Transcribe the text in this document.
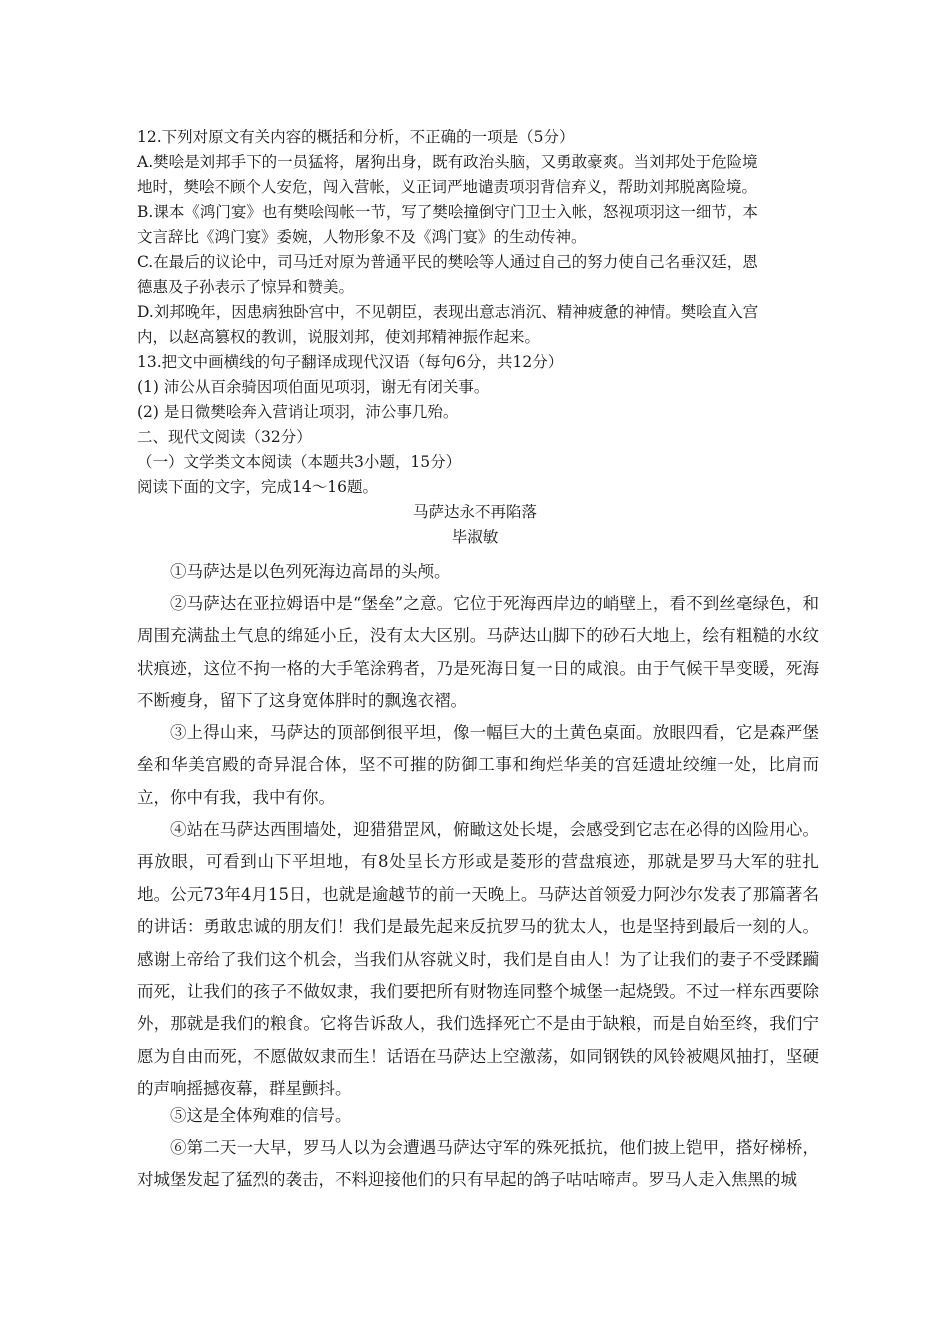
12.下列对原文有关内容的概括和分析，不正确的一项是（5分）
A.樊哙是刘邦手下的一员猛将，屠狗出身，既有政治头脑，又勇敢豪爽。当刘邦处于危险境
地时，樊哙不顾个人安危，闯入营帐，义正词严地谴责项羽背信弃义，帮助刘邦脱离险境。
B.课本《鸿门宴》也有樊哙闯帐一节，写了樊哙撞倒守门卫士入帐，怒视项羽这一细节，本
文言辞比《鸿门宴》委婉，人物形象不及《鸿门宴》的生动传神。
C.在最后的议论中，司马迁对原为普通平民的樊哙等人通过自己的努力使自己名垂汉廷，恩
德惠及子孙表示了惊异和赞美。
D.刘邦晚年，因患病独卧宫中，不见朝臣，表现出意志消沉、精神疲惫的神情。樊哙直入宫
内，以赵高篡权的教训，说服刘邦，使刘邦精神振作起来。
13.把文中画横线的句子翻译成现代汉语（每句6分，共12分）
(1) 沛公从百余骑因项伯面见项羽，谢无有闭关事。
(2) 是日微樊哙奔入营诮让项羽，沛公事几殆。
二、现代文阅读（32分）
（一）文学类文本阅读（本题共3小题，15分）
阅读下面的文字，完成14～16题。
马萨达永不再陷落
毕淑敏

①马萨达是以色列死海边高昂的头颅。

②马萨达在亚拉姆语中是“堡垒”之意。它位于死海西岸边的峭壁上，看不到丝毫绿色，和周围充满盐土气息的绵延小丘，没有太大区别。马萨达山脚下的砂石大地上，绘有粗糙的水纹状痕迹，这位不拘一格的大手笔涂鸦者，乃是死海日复一日的咸浪。由于气候干旱变暖，死海不断瘦身，留下了这身宽体胖时的飘逸衣褶。

③上得山来，马萨达的顶部倒很平坦，像一幅巨大的土黄色桌面。放眼四看，它是森严堡垒和华美宫殿的奇异混合体，坚不可摧的防御工事和绚烂华美的宫廷遗址绞缠一处，比肩而立，你中有我，我中有你。

④站在马萨达西围墙处，迎猎猎罡风，俯瞰这处长堤，会感受到它志在必得的凶险用心。再放眼，可看到山下平坦地，有8处呈长方形或是菱形的营盘痕迹，那就是罗马大军的驻扎地。公元73年4月15日，也就是逾越节的前一天晚上。马萨达首领爱力阿沙尔发表了那篇著名的讲话：勇敢忠诚的朋友们！我们是最先起来反抗罗马的犹太人，也是坚持到最后一刻的人。感谢上帝给了我们这个机会，当我们从容就义时，我们是自由人！为了让我们的妻子不受蹂躏而死，让我们的孩子不做奴隶，我们要把所有财物连同整个城堡一起烧毁。不过一样东西要除外，那就是我们的粮食。它将告诉敌人，我们选择死亡不是由于缺粮，而是自始至终，我们宁愿为自由而死，不愿做奴隶而生！话语在马萨达上空激荡，如同钢铁的风铃被飓风抽打，坚硬的声响摇撼夜幕，群星颤抖。

⑤这是全体殉难的信号。

⑥第二天一大早，罗马人以为会遭遇马萨达守军的殊死抵抗，他们披上铠甲，搭好梯桥，对城堡发起了猛烈的袭击，不料迎接他们的只有早起的鸽子咕咕啼声。罗马人走入焦黑的城
